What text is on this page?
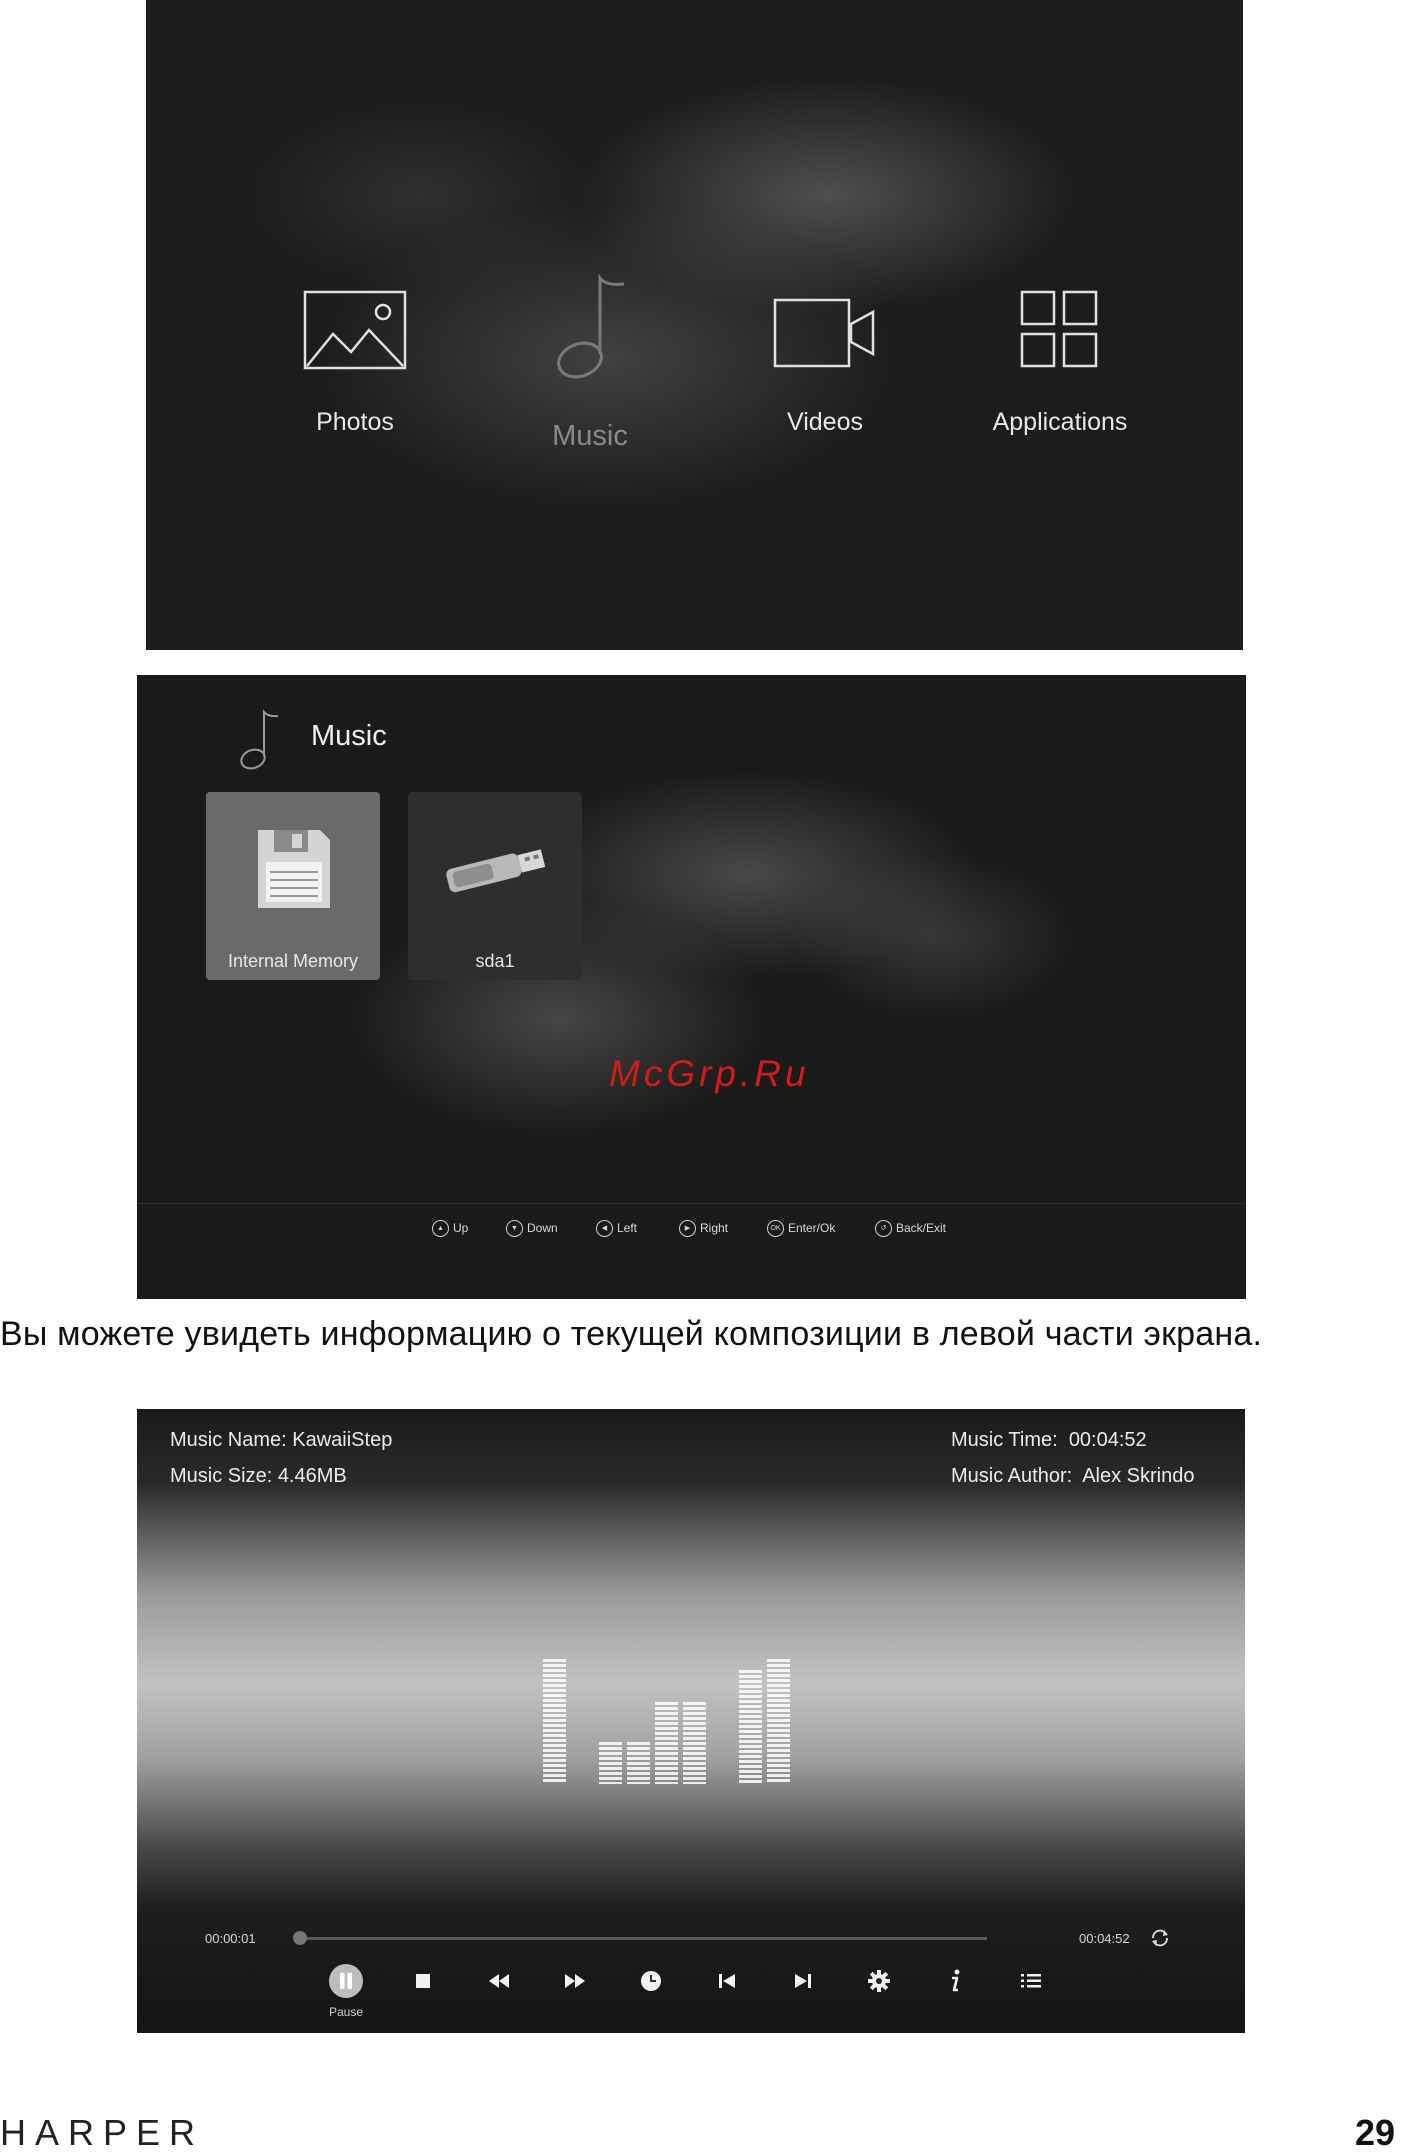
Photos	Music	Videos	Applications
Music
Internal Memory	sda1
McGrp.Ru
▲ Up	▼ Down	◀ Left	▶ Right	OK Enter/Ok	↺ Back/Exit
Вы можете увидеть информацию о текущей композиции в левой части экрана.
Music Name: KawaiiStep
Music Size: 4.46MB
Music Time: 00:04:52
Music Author: Alex Skrindo
00:00:01	00:04:52
Pause
HARPER	29
